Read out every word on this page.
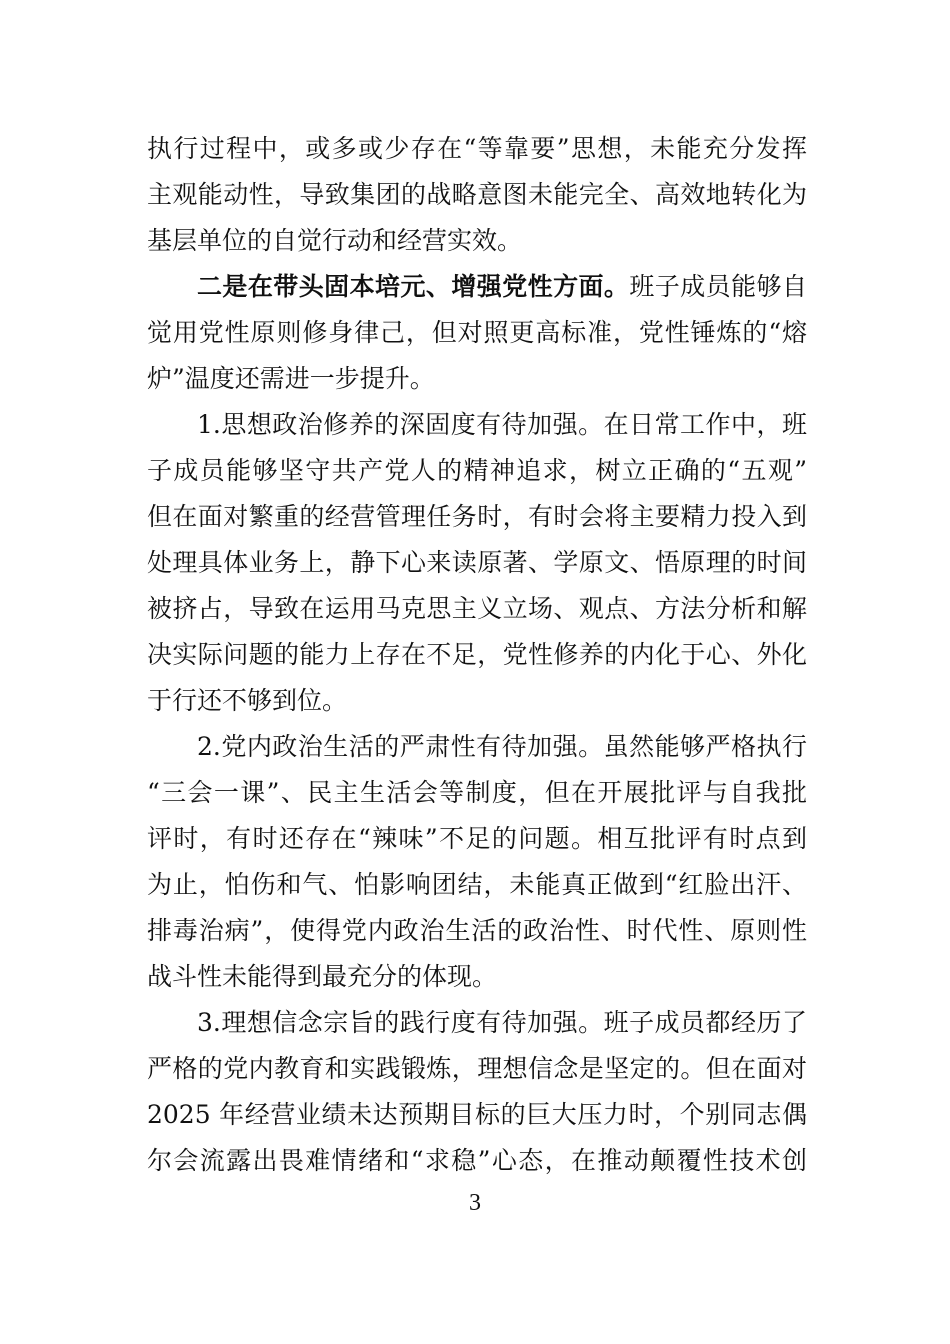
执行过程中，或多或少存在“等靠要”思想，未能充分发挥
主观能动性，导致集团的战略意图未能完全、高效地转化为
基层单位的自觉行动和经营实效。
二是在带头固本培元、增强党性方面。班子成员能够自
觉用党性原则修身律己，但对照更高标准，党性锤炼的“熔
炉”温度还需进一步提升。
1.思想政治修养的深固度有待加强。在日常工作中，班
子成员能够坚守共产党人的精神追求，树立正确的“五观”
但在面对繁重的经营管理任务时，有时会将主要精力投入到
处理具体业务上，静下心来读原著、学原文、悟原理的时间
被挤占，导致在运用马克思主义立场、观点、方法分析和解
决实际问题的能力上存在不足，党性修养的内化于心、外化
于行还不够到位。
2.党内政治生活的严肃性有待加强。虽然能够严格执行
“三会一课”、民主生活会等制度，但在开展批评与自我批
评时，有时还存在“辣味”不足的问题。相互批评有时点到
为止，怕伤和气、怕影响团结，未能真正做到“红脸出汗、
排毒治病”，使得党内政治生活的政治性、时代性、原则性
战斗性未能得到最充分的体现。
3.理想信念宗旨的践行度有待加强。班子成员都经历了
严格的党内教育和实践锻炼，理想信念是坚定的。但在面对
2025 年经营业绩未达预期目标的巨大压力时，个别同志偶
尔会流露出畏难情绪和“求稳”心态，在推动颠覆性技术创
3
